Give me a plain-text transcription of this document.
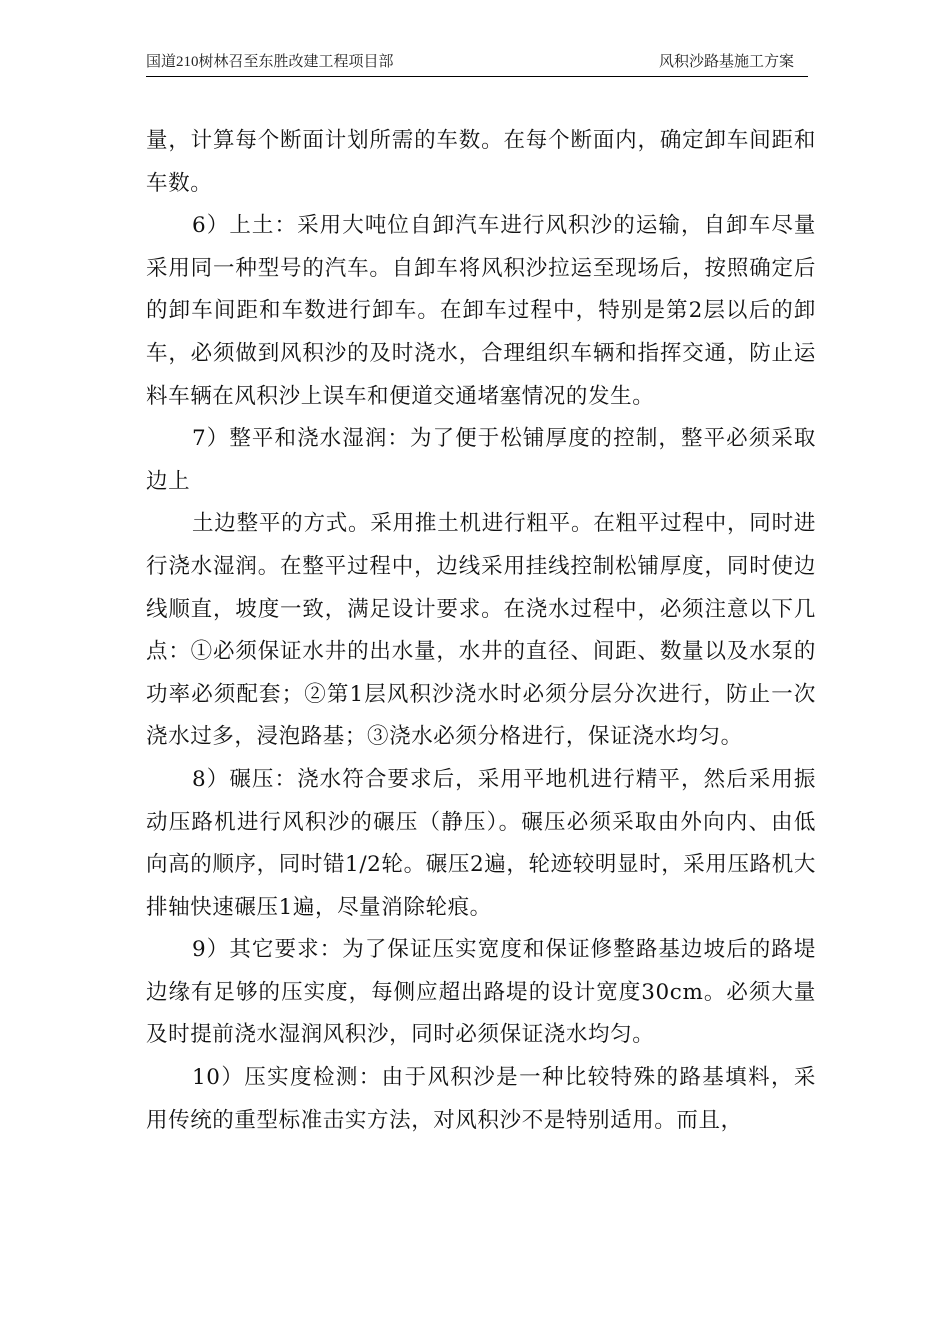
国道210树林召至东胜改建工程项目部	风积沙路基施工方案

量，计算每个断面计划所需的车数。在每个断面内，确定卸车间距和车数。

6）上土：采用大吨位自卸汽车进行风积沙的运输，自卸车尽量采用同一种型号的汽车。自卸车将风积沙拉运至现场后，按照确定后的卸车间距和车数进行卸车。在卸车过程中，特别是第2层以后的卸车，必须做到风积沙的及时浇水，合理组织车辆和指挥交通，防止运料车辆在风积沙上误车和便道交通堵塞情况的发生。

7）整平和浇水湿润：为了便于松铺厚度的控制，整平必须采取边上

土边整平的方式。采用推土机进行粗平。在粗平过程中，同时进行浇水湿润。在整平过程中，边线采用挂线控制松铺厚度，同时使边线顺直，坡度一致，满足设计要求。在浇水过程中，必须注意以下几点：①必须保证水井的出水量，水井的直径、间距、数量以及水泵的功率必须配套；②第1层风积沙浇水时必须分层分次进行，防止一次浇水过多，浸泡路基；③浇水必须分格进行，保证浇水均匀。

8）碾压：浇水符合要求后，采用平地机进行精平，然后采用振动压路机进行风积沙的碾压（静压）。碾压必须采取由外向内、由低向高的顺序，同时错1/2轮。碾压2遍，轮迹较明显时，采用压路机大排轴快速碾压1遍，尽量消除轮痕。

9）其它要求：为了保证压实宽度和保证修整路基边坡后的路堤边缘有足够的压实度，每侧应超出路堤的设计宽度30cm。必须大量及时提前浇水湿润风积沙，同时必须保证浇水均匀。

10）压实度检测：由于风积沙是一种比较特殊的路基填料，采用传统的重型标准击实方法，对风积沙不是特别适用。而且，
